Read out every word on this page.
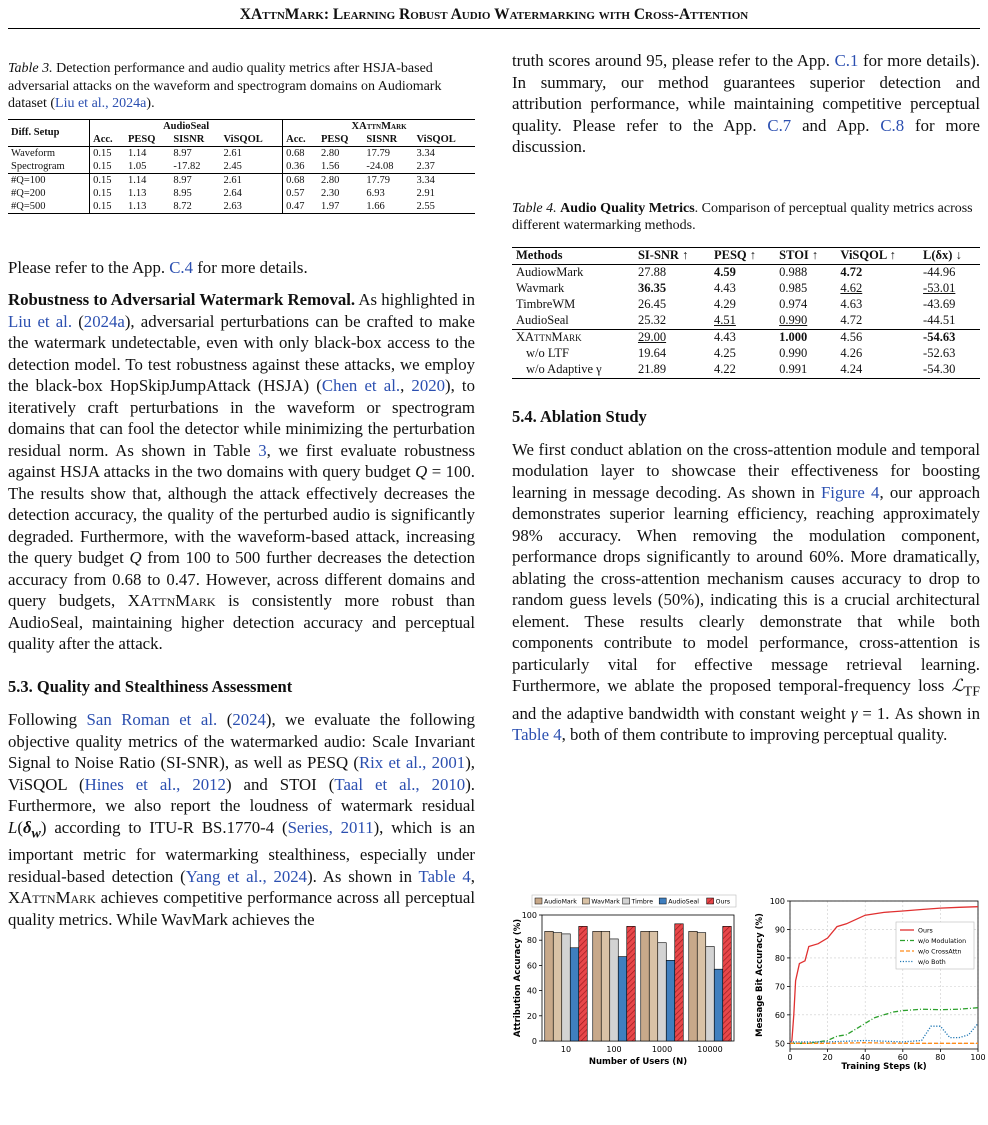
XAttnMark: Learning Robust Audio Watermarking with Cross-Attention
Table 3. Detection performance and audio quality metrics after HSJA-based adversarial attacks on the waveform and spectrogram domains on Audiomark dataset (Liu et al., 2024a).
Diff. Setup	AudioSeal				XAttnMark			
	Acc.	PESQ	SISNR	ViSQOL	Acc.	PESQ	SISNR	ViSQOL
Waveform	0.15	1.14	8.97	2.61	0.68	2.80	17.79	3.34
Spectrogram	0.15	1.05	-17.82	2.45	0.36	1.56	-24.08	2.37
#Q=100	0.15	1.14	8.97	2.61	0.68	2.80	17.79	3.34
#Q=200	0.15	1.13	8.95	2.64	0.57	2.30	6.93	2.91
#Q=500	0.15	1.13	8.72	2.63	0.47	1.97	1.66	2.55

Please refer to the App. C.4 for more details.

Robustness to Adversarial Watermark Removal. As highlighted in Liu et al. (2024a), adversarial perturbations can be crafted to make the watermark undetectable, even with only black-box access to the detection model. To test robustness against these attacks, we employ the black-box HopSkipJumpAttack (HSJA) (Chen et al., 2020), to iteratively craft perturbations in the waveform or spectrogram domains that can fool the detector while minimizing the perturbation residual norm. As shown in Table 3, we first evaluate robustness against HSJA attacks in the two domains with query budget Q = 100. The results show that, although the attack effectively decreases the detection accuracy, the quality of the perturbed audio is significantly degraded. Furthermore, with the waveform-based attack, increasing the query budget Q from 100 to 500 further decreases the detection accuracy from 0.68 to 0.47. However, across different domains and query budgets, XAttnMark is consistently more robust than AudioSeal, maintaining higher detection accuracy and perceptual quality after the attack.

5.3. Quality and Stealthiness Assessment

Following San Roman et al. (2024), we evaluate the following objective quality metrics of the watermarked audio: Scale Invariant Signal to Noise Ratio (SI-SNR), as well as PESQ (Rix et al., 2001), ViSQOL (Hines et al., 2012) and STOI (Taal et al., 2010). Furthermore, we also report the loudness of watermark residual $L(\delta_w)$ according to ITU-R BS.1770-4 (Series, 2011), which is an important metric for watermarking stealthiness, especially under residual-based detection (Yang et al., 2024). As shown in Table 4, XAttnMark achieves competitive performance across all perceptual quality metrics. While WavMark achieves the

truth scores around 95, please refer to the App. C.1 for more details). In summary, our method guarantees superior detection and attribution performance, while maintaining competitive perceptual quality. Please refer to the App. C.7 and App. C.8 for more discussion.
Table 4. Audio Quality Metrics. Comparison of perceptual quality metrics across different watermarking methods.
Methods	SI-SNR ↑	PESQ ↑	STOI ↑	ViSQOL ↑	L(δx) ↓
AudiowMark	27.88	4.59	0.988	4.72	-44.96
Wavmark	36.35	4.43	0.985	4.62	-53.01
TimbreWM	26.45	4.29	0.974	4.63	-43.69
AudioSeal	25.32	4.51	0.990	4.72	-44.51
XAttnMark	29.00	4.43	1.000	4.56	-54.63
w/o LTF	19.64	4.25	0.990	4.26	-52.63
w/o Adaptive γ	21.89	4.22	0.991	4.24	-54.30
5.4. Ablation Study
We first conduct ablation on the cross-attention module and temporal modulation layer to showcase their effectiveness for boosting learning in message decoding. As shown in Figure 4, our approach demonstrates superior learning efficiency, reaching approximately 98% accuracy. When removing the modulation component, performance drops significantly to around 60%. More dramatically, ablating the cross-attention mechanism causes accuracy to drop to random guess levels (50%), indicating this is a crucial architectural element. These results clearly demonstrate that while both components contribute to model performance, cross-attention is particularly vital for effective message retrieval learning. Furthermore, we ablate the proposed temporal-frequency loss ℒ$_{TF}$ and the adaptive bandwidth with constant weight γ = 1. As shown in Table 4, both of them contribute to improving perceptual quality.
0
20
40
60
80
100
10	100	1000	10000
Number of Users (N)
Attribution Accuracy (%)
AudioMark WavMark Timbre AudioSeal	Ours
50
60
70
80
90
100
0	20	40	60	80	100
Training Steps (k)
Message Bit Accuracy (%)	Ours
w/o Modulation
w/o CrossAttn
w/o Both
